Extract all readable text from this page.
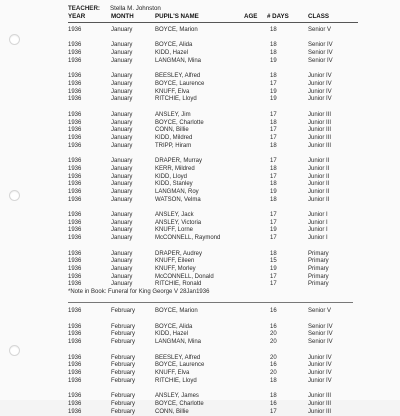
TEACHER: Stella M. Johnston
YEAR	MONTH	PUPIL'S NAME	AGE # DAYS	CLASS
1936	January	BOYCE, Marion	18	Senior V
1936	January	BOYCE, Alida	18	Senior IV
1936	January	KIDD, Hazel	18	Senior IV
1936	January	LANGMAN, Mina	19	Senior IV
1936	January	BEESLEY, Alfred	18	Junior IV
1936	January	BOYCE, Laurence	17	Junior IV
1936	January	KNUFF, Elva	19	Junior IV
1936	January	RITCHIE, Lloyd	19	Junior IV
1936	January	ANSLEY, Jim	17	Junior III
1936	January	BOYCE, Charlotte	18	Junior III
1936	January	CONN, Billie	17	Junior III
1936	January	KIDD, Mildred	17	Junior III
1936	January	TRIPP, Hiram	18	Junior III
1936	January	DRAPER, Murray	17	Junior II
1936	January	KERR, Mildred	18	Junior II
1936	January	KIDD, Lloyd	17	Junior II
1936	January	KIDD, Stanley	18	Junior II
1936	January	LANGMAN, Roy	19	Junior II
1936	January	WATSON, Velma	18	Junior II
1936	January	ANSLEY, Jack	17	Junior I
1936	January	ANSLEY, Victoria	17	Junior I
1936	January	KNUFF, Lorne	19	Junior I
1936	January	McCONNELL, Raymond	17	Junior I
1936	January	DRAPER, Audrey	18	Primary
1936	January	KNUFF, Eileen	15	Primary
1936	January	KNUFF, Morley	19	Primary
1936	January	McCONNELL, Donald	17	Primary
1936	January	RITCHIE, Ronald	17	Primary
*Note in Book: Funeral for King George V 28Jan1936
1936	February	BOYCE, Marion	16	Senior V
1936	February	BOYCE, Alida	16	Senior IV
1936	February	KIDD, Hazel	20	Senior IV
1936	February	LANGMAN, Mina	20	Senior IV
1936	February	BEESLEY, Alfred	20	Junior IV
1936	February	BOYCE, Laurence	16	Junior IV
1936	February	KNUFF, Elva	20	Junior IV
1936	February	RITCHIE, Lloyd	18	Junior IV
1936	February	ANSLEY, James	18	Junior III
1936	February	BOYCE, Charlotte	16	Junior III
1936	February	CONN, Billie	17	Junior III
